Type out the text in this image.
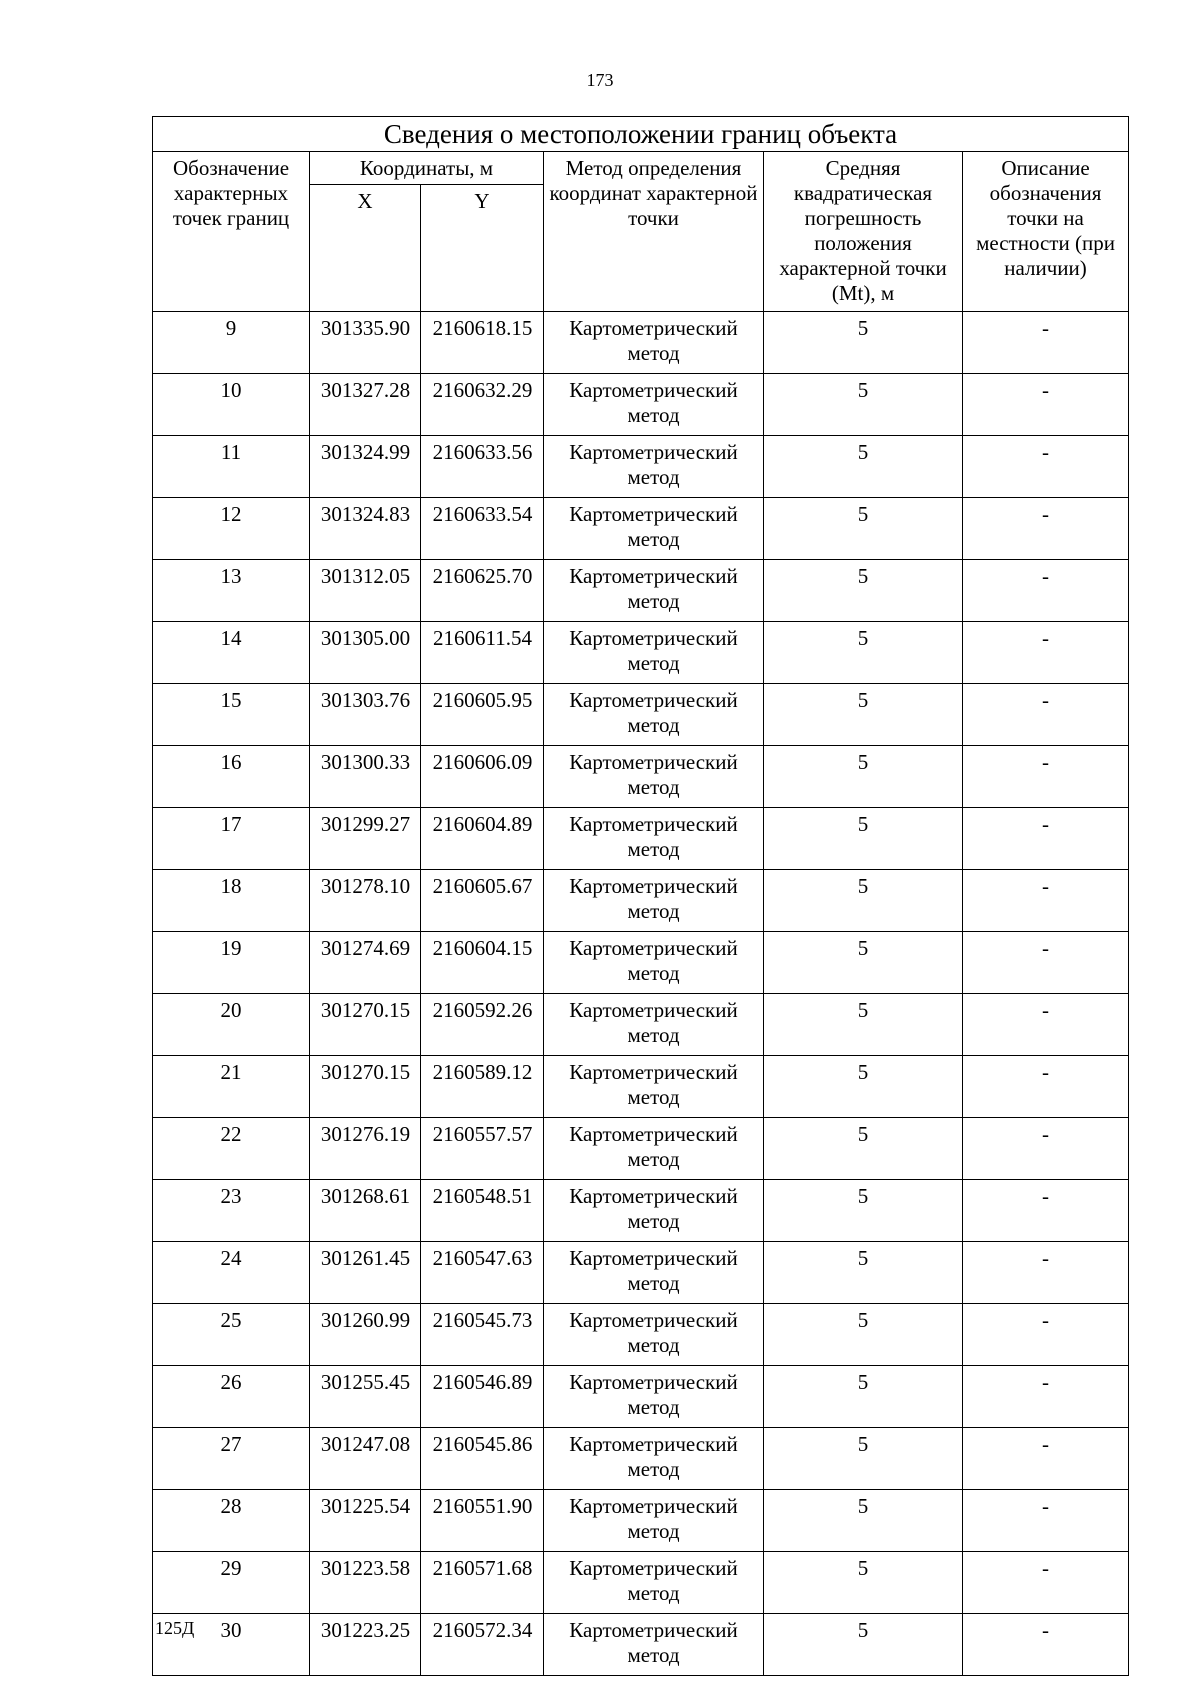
173
Сведения о местоположении границ объекта					
Обозначение характерных точек границ	Координаты, м		Метод определения координат характерной точки	Средняя квадратическая погрешность положения характерной точки (Mt), м	Описание обозначения точки на местности (при наличии)
	X	Y			
9	301335.90	2160618.15	Картометрический метод	5	-
10	301327.28	2160632.29	Картометрический метод	5	-
11	301324.99	2160633.56	Картометрический метод	5	-
12	301324.83	2160633.54	Картометрический метод	5	-
13	301312.05	2160625.70	Картометрический метод	5	-
14	301305.00	2160611.54	Картометрический метод	5	-
15	301303.76	2160605.95	Картометрический метод	5	-
16	301300.33	2160606.09	Картометрический метод	5	-
17	301299.27	2160604.89	Картометрический метод	5	-
18	301278.10	2160605.67	Картометрический метод	5	-
19	301274.69	2160604.15	Картометрический метод	5	-
20	301270.15	2160592.26	Картометрический метод	5	-
21	301270.15	2160589.12	Картометрический метод	5	-
22	301276.19	2160557.57	Картометрический метод	5	-
23	301268.61	2160548.51	Картометрический метод	5	-
24	301261.45	2160547.63	Картометрический метод	5	-
25	301260.99	2160545.73	Картометрический метод	5	-
26	301255.45	2160546.89	Картометрический метод	5	-
27	301247.08	2160545.86	Картометрический метод	5	-
28	301225.54	2160551.90	Картометрический метод	5	-
29	301223.58	2160571.68	Картометрический метод	5	-
30	301223.25	2160572.34	Картометрический метод	5	-
125Д
